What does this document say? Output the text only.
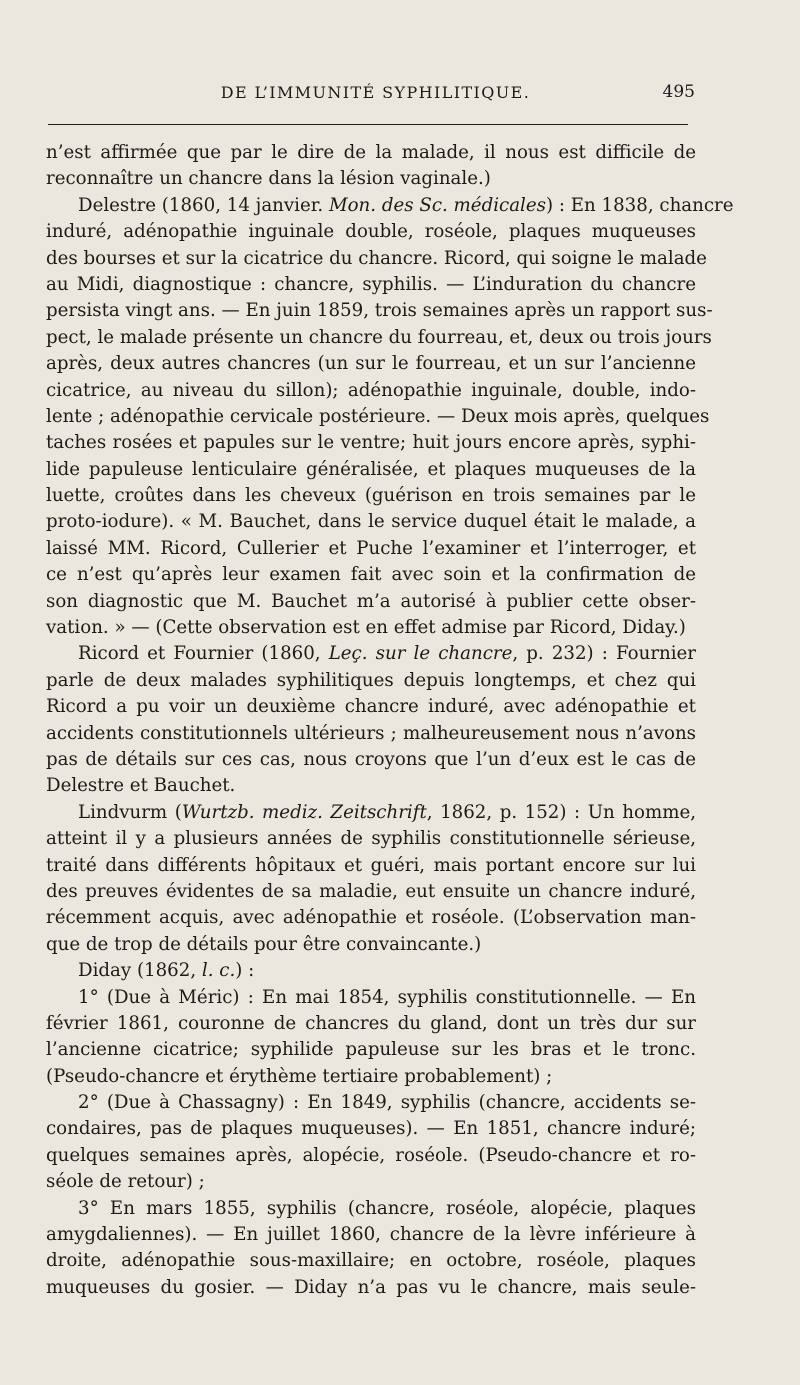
DE L’IMMUNITÉ SYPHILITIQUE.	495
n’est affirmée que par le dire de la malade, il nous est difficile de
reconnaître un chancre dans la lésion vaginale.)
Delestre (1860, 14 janvier. Mon. des Sc. médicales) : En 1838, chancre
induré, adénopathie inguinale double, roséole, plaques muqueuses
des bourses et sur la cicatrice du chancre. Ricord, qui soigne le malade
au Midi, diagnostique : chancre, syphilis. — L’induration du chancre
persista vingt ans. — En juin 1859, trois semaines après un rapport sus-
pect, le malade présente un chancre du fourreau, et, deux ou trois jours
après, deux autres chancres (un sur le fourreau, et un sur l’ancienne
cicatrice, au niveau du sillon); adénopathie inguinale, double, indo-
lente ; adénopathie cervicale postérieure. — Deux mois après, quelques
taches rosées et papules sur le ventre; huit jours encore après, syphi-
lide papuleuse lenticulaire généralisée, et plaques muqueuses de la
luette, croûtes dans les cheveux (guérison en trois semaines par le
proto-iodure). « M. Bauchet, dans le service duquel était le malade, a
laissé MM. Ricord, Cullerier et Puche l’examiner et l’interroger, et
ce n’est qu’après leur examen fait avec soin et la confirmation de
son diagnostic que M. Bauchet m’a autorisé à publier cette obser-
vation. » — (Cette observation est en effet admise par Ricord, Diday.)
Ricord et Fournier (1860, Leç. sur le chancre, p. 232) : Fournier
parle de deux malades syphilitiques depuis longtemps, et chez qui
Ricord a pu voir un deuxième chancre induré, avec adénopathie et
accidents constitutionnels ultérieurs ; malheureusement nous n’avons
pas de détails sur ces cas, nous croyons que l’un d’eux est le cas de
Delestre et Bauchet.
Lindvurm (Wurtzb. mediz. Zeitschrift, 1862, p. 152) : Un homme,
atteint il y a plusieurs années de syphilis constitutionnelle sérieuse,
traité dans différents hôpitaux et guéri, mais portant encore sur lui
des preuves évidentes de sa maladie, eut ensuite un chancre induré,
récemment acquis, avec adénopathie et roséole. (L’observation man-
que de trop de détails pour être convaincante.)
Diday (1862, l. c.) :
1° (Due à Méric) : En mai 1854, syphilis constitutionnelle. — En
février 1861, couronne de chancres du gland, dont un très dur sur
l’ancienne cicatrice; syphilide papuleuse sur les bras et le tronc.
(Pseudo-chancre et érythème tertiaire probablement) ;
2° (Due à Chassagny) : En 1849, syphilis (chancre, accidents se-
condaires, pas de plaques muqueuses). — En 1851, chancre induré;
quelques semaines après, alopécie, roséole. (Pseudo-chancre et ro-
séole de retour) ;
3° En mars 1855, syphilis (chancre, roséole, alopécie, plaques
amygdaliennes). — En juillet 1860, chancre de la lèvre inférieure à
droite, adénopathie sous-maxillaire; en octobre, roséole, plaques
muqueuses du gosier. — Diday n’a pas vu le chancre, mais seule-
